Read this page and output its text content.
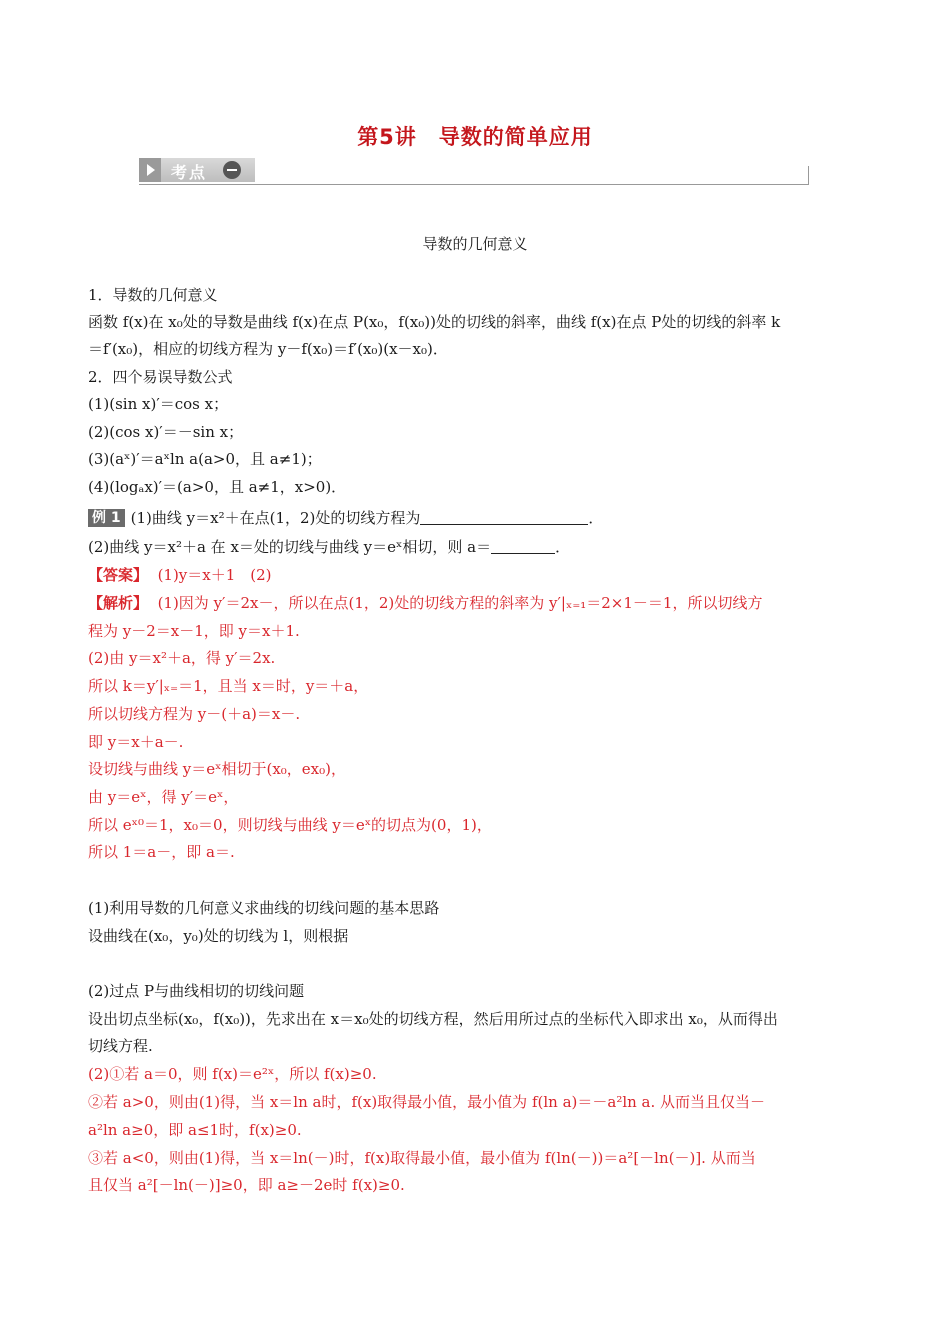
第5讲　导数的简单应用
考点
导数的几何意义
1．导数的几何意义
函数 f(x)在 x₀处的导数是曲线 f(x)在点 P(x₀，f(x₀))处的切线的斜率，曲线 f(x)在点 P处的切线的斜率 k
＝f′(x₀)，相应的切线方程为 y－f(x₀)＝f′(x₀)(x－x₀)．
2．四个易误导数公式
(1)(sin x)′＝cos x；
(2)(cos x)′＝－sin x；
(3)(aˣ)′＝aˣln a(a>0，且 a≠1)；
(4)(logₐx)′＝(a>0，且 a≠1，x>0)．
例 1 (1)曲线 y＝x²＋在点(1，2)处的切线方程为	．
(2)曲线 y＝x²＋a 在 x＝处的切线与曲线 y＝eˣ相切，则 a＝	．
【答案】 (1)y＝x＋1　(2)
【解析】 (1)因为 y′＝2x－，所以在点(1，2)处的切线方程的斜率为 y′|ₓ₌₁＝2×1－＝1，所以切线方
程为 y－2＝x－1，即 y＝x＋1.
(2)由 y＝x²＋a，得 y′＝2x.
所以 k＝y′|ₓ₌＝1，且当 x＝时，y＝＋a，
所以切线方程为 y－(＋a)＝x－.
即 y＝x＋a－.
设切线与曲线 y＝eˣ相切于(x₀，ex₀)，
由 y＝eˣ，得 y′＝eˣ，
所以 eˣ⁰＝1，x₀＝0，则切线与曲线 y＝eˣ的切点为(0，1)，
所以 1＝a－，即 a＝.
(1)利用导数的几何意义求曲线的切线问题的基本思路
设曲线在(x₀，y₀)处的切线为 l，则根据
(2)过点 P与曲线相切的切线问题
设出切点坐标(x₀，f(x₀))，先求出在 x＝x₀处的切线方程，然后用所过点的坐标代入即求出 x₀，从而得出
切线方程.
(2)①若 a＝0，则 f(x)＝e²ˣ，所以 f(x)≥0.
②若 a>0，则由(1)得，当 x＝ln a时，f(x)取得最小值，最小值为 f(ln a)＝－a²ln a. 从而当且仅当－
a²ln a≥0，即 a≤1时，f(x)≥0.
③若 a<0，则由(1)得，当 x＝ln(－)时，f(x)取得最小值，最小值为 f(ln(－))＝a²[－ln(－)]. 从而当
且仅当 a²[－ln(－)]≥0，即 a≥－2e时 f(x)≥0.
